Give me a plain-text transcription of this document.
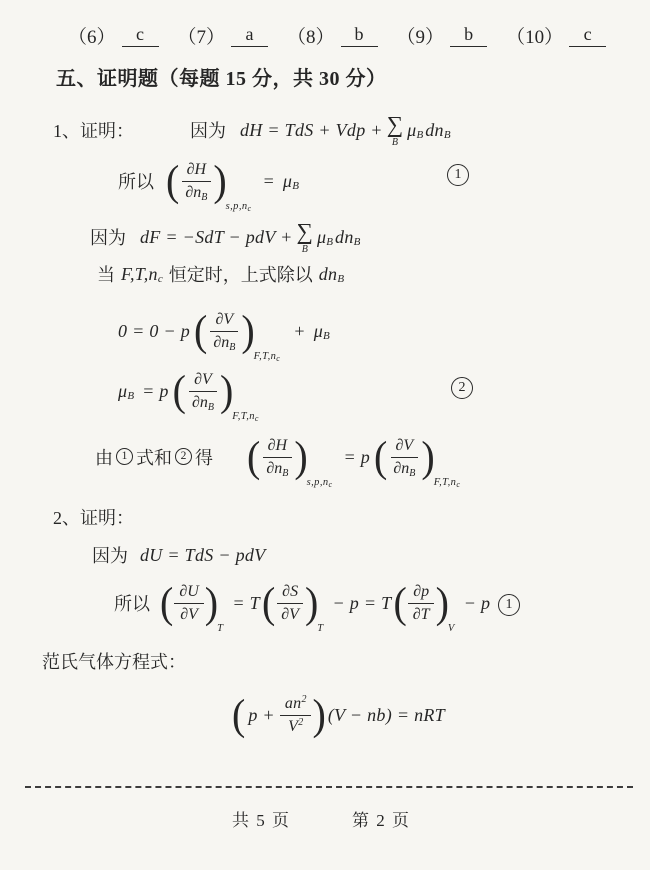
（6）	c	（7）	a	（8）	b	（9）	b	（10）	c
五、证明题（每题 15 分，共 30 分）
1、证明：	因为 dH = TdS + Vdp + ∑
B
μ B dn B
所以 ( $\frac{\partial H}{\partial nB}$ )
s,p,nc
= μ B
1
因为 dF = −SdT − pdV + ∑
B
μ B dn B
当 F,T,n c 恒定时，上式除以 dn B
0 = 0 − p ( $\frac{\partial V}{\partial nB}$ )
F,T,nc
+ μ B
μ B = p ( $\frac{\partial V}{\partial nB}$ )
F,T,nc
2
由 1 式和 2 得 ( $\frac{\partial H}{\partial nB}$ )
s,p,nc
= p ( $\frac{\partial V}{\partial nB}$ )
F,T,nc
2、证明：
因为 dU = TdS − pdV
所以 ( $\frac{\partial U}{\partial V}$ )
T
= T ( $\frac{\partial S}{\partial V}$ )
T
− p = T ( $\frac{\partial p}{\partial T}$ )
V
− p 1
范氏气体方程式：
( $p + \frac{an^2}{V^2}$ ) (V − nb) = nRT
共 5 页	第 2 页
